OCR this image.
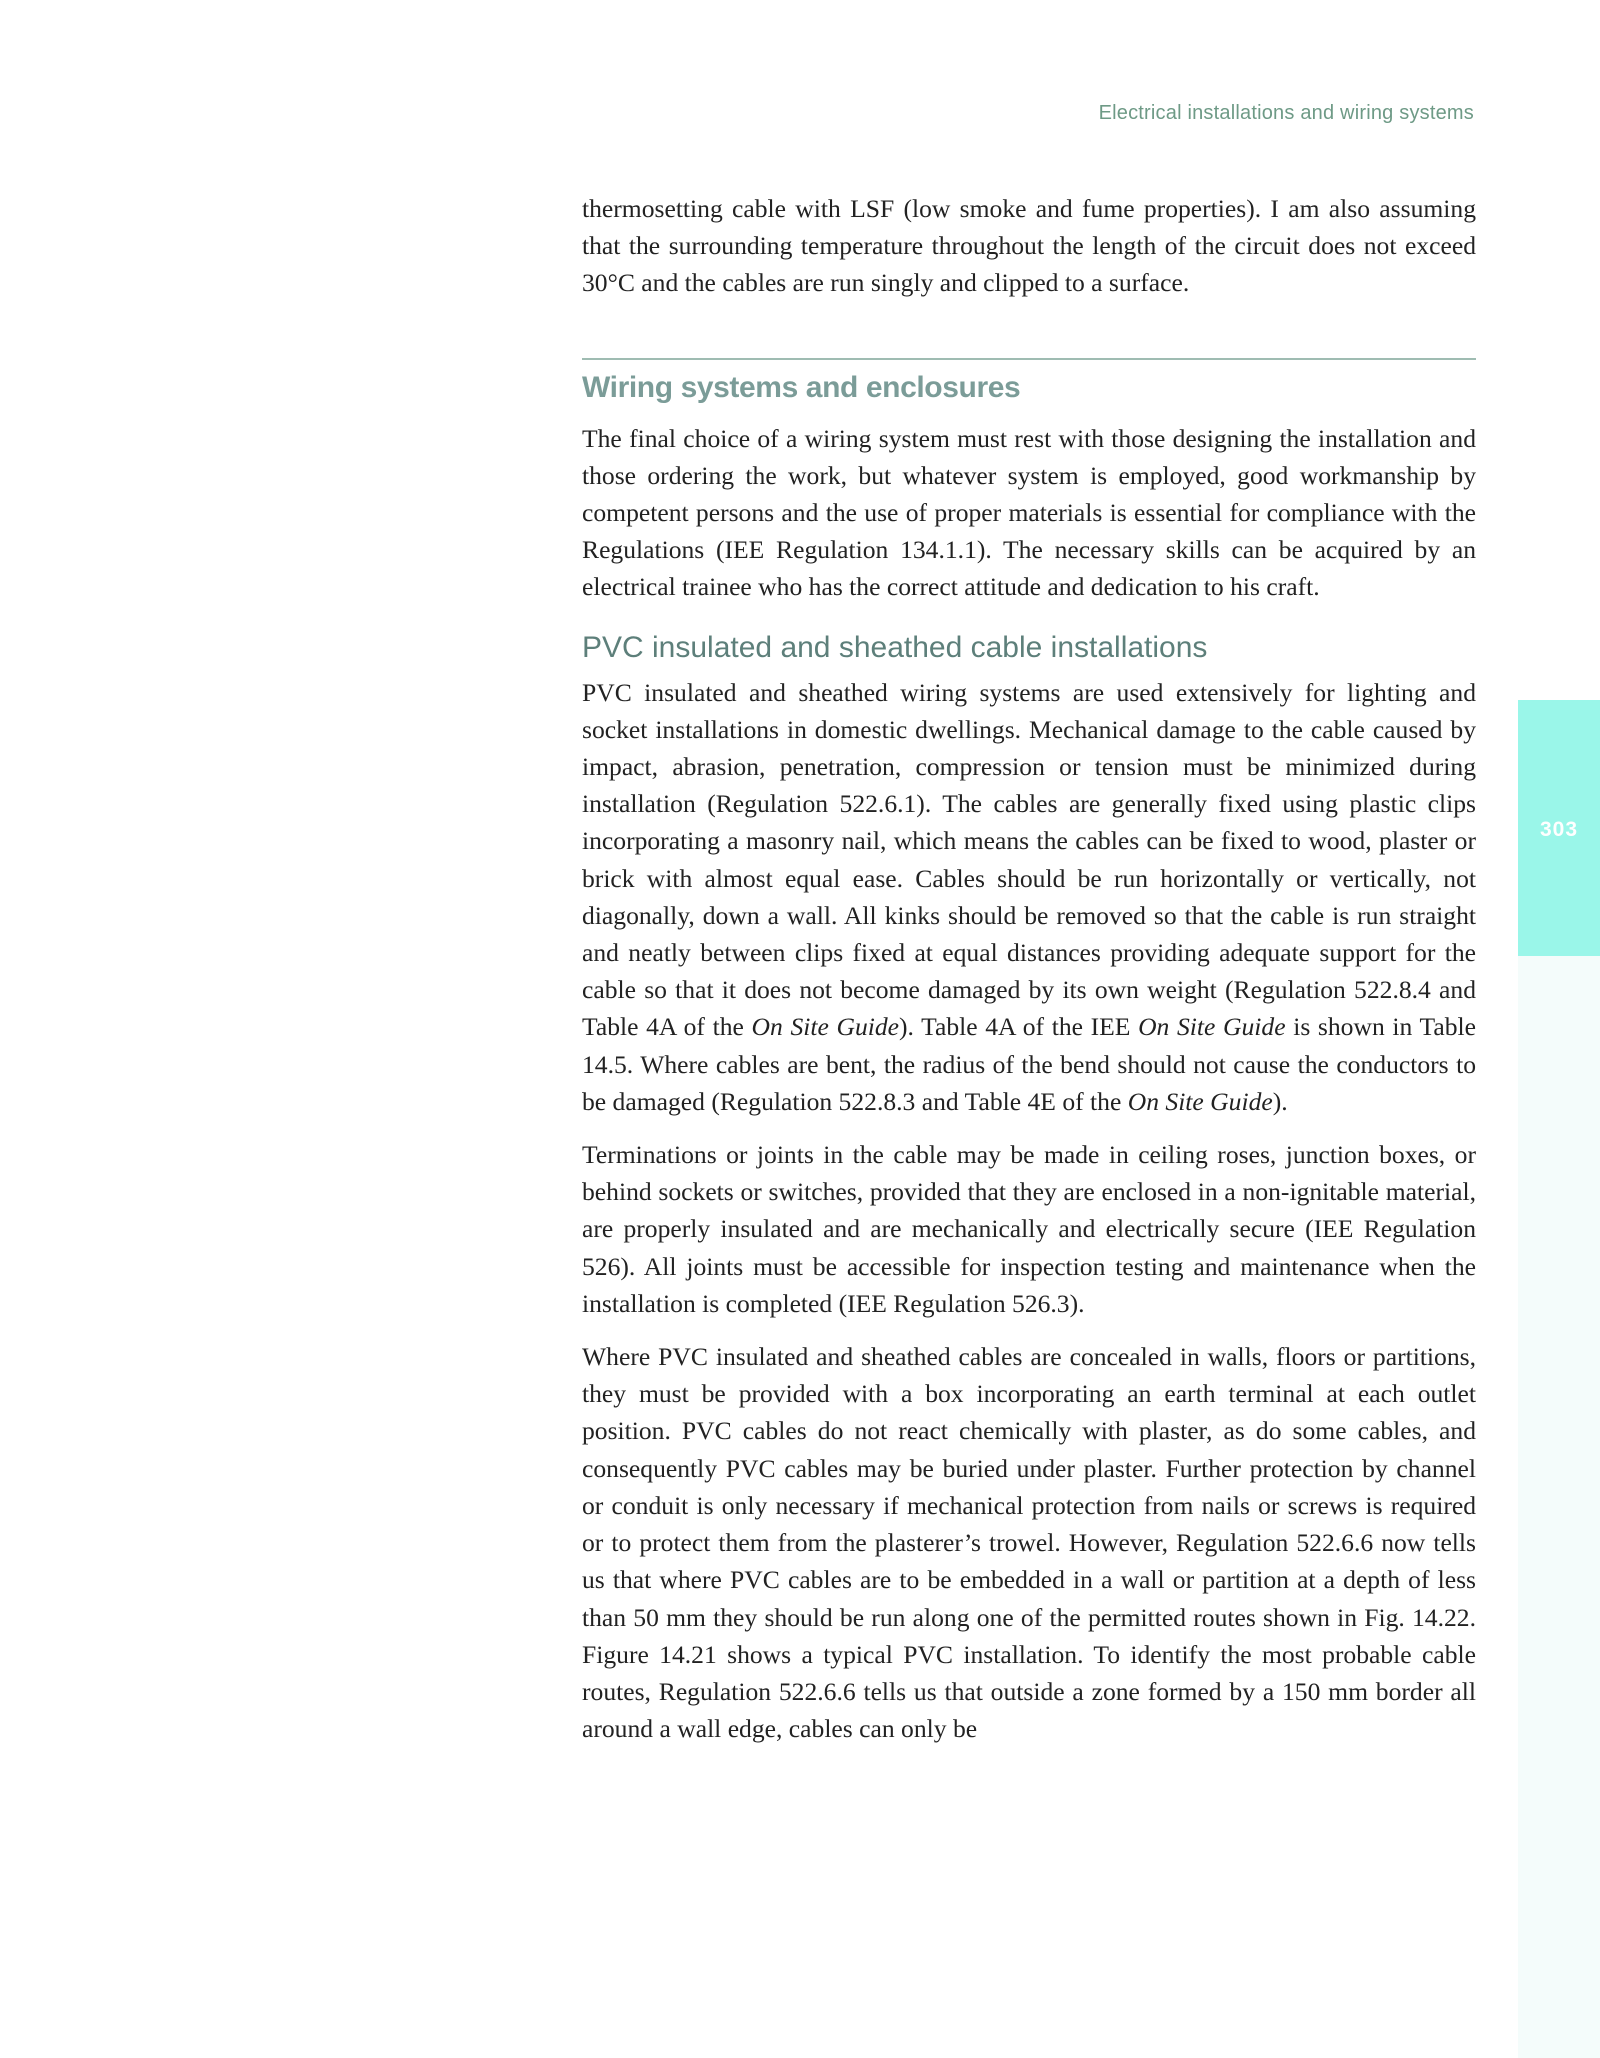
Electrical installations and wiring systems
303

thermosetting cable with LSF (low smoke and fume properties). I am also assuming that the surrounding temperature throughout the length of the circuit does not exceed 30°C and the cables are run singly and clipped to a surface.

Wiring systems and enclosures

The final choice of a wiring system must rest with those designing the installation and those ordering the work, but whatever system is employed, good workmanship by competent persons and the use of proper materials is essential for compliance with the Regulations (IEE Regulation 134.1.1). The necessary skills can be acquired by an electrical trainee who has the correct attitude and dedication to his craft.

PVC insulated and sheathed cable installations

PVC insulated and sheathed wiring systems are used extensively for lighting and socket installations in domestic dwellings. Mechanical damage to the cable caused by impact, abrasion, penetration, compression or tension must be minimized during installation (Regulation 522.6.1). The cables are generally fixed using plastic clips incorporating a masonry nail, which means the cables can be fixed to wood, plaster or brick with almost equal ease. Cables should be run horizontally or vertically, not diagonally, down a wall. All kinks should be removed so that the cable is run straight and neatly between clips fixed at equal distances providing adequate support for the cable so that it does not become damaged by its own weight (Regulation 522.8.4 and Table 4A of the On Site Guide). Table 4A of the IEE On Site Guide is shown in Table 14.5. Where cables are bent, the radius of the bend should not cause the conductors to be damaged (Regulation 522.8.3 and Table 4E of the On Site Guide).

Terminations or joints in the cable may be made in ceiling roses, junction boxes, or behind sockets or switches, provided that they are enclosed in a non-ignitable material, are properly insulated and are mechanically and electrically secure (IEE Regulation 526). All joints must be accessible for inspection testing and maintenance when the installation is completed (IEE Regulation 526.3).

Where PVC insulated and sheathed cables are concealed in walls, floors or partitions, they must be provided with a box incorporating an earth terminal at each outlet position. PVC cables do not react chemically with plaster, as do some cables, and consequently PVC cables may be buried under plaster. Further protection by channel or conduit is only necessary if mechanical protection from nails or screws is required or to protect them from the plasterer’s trowel. However, Regulation 522.6.6 now tells us that where PVC cables are to be embedded in a wall or partition at a depth of less than 50 mm they should be run along one of the permitted routes shown in Fig. 14.22. Figure 14.21 shows a typical PVC installation. To identify the most probable cable routes, Regulation 522.6.6 tells us that outside a zone formed by a 150 mm border all around a wall edge, cables can only be
